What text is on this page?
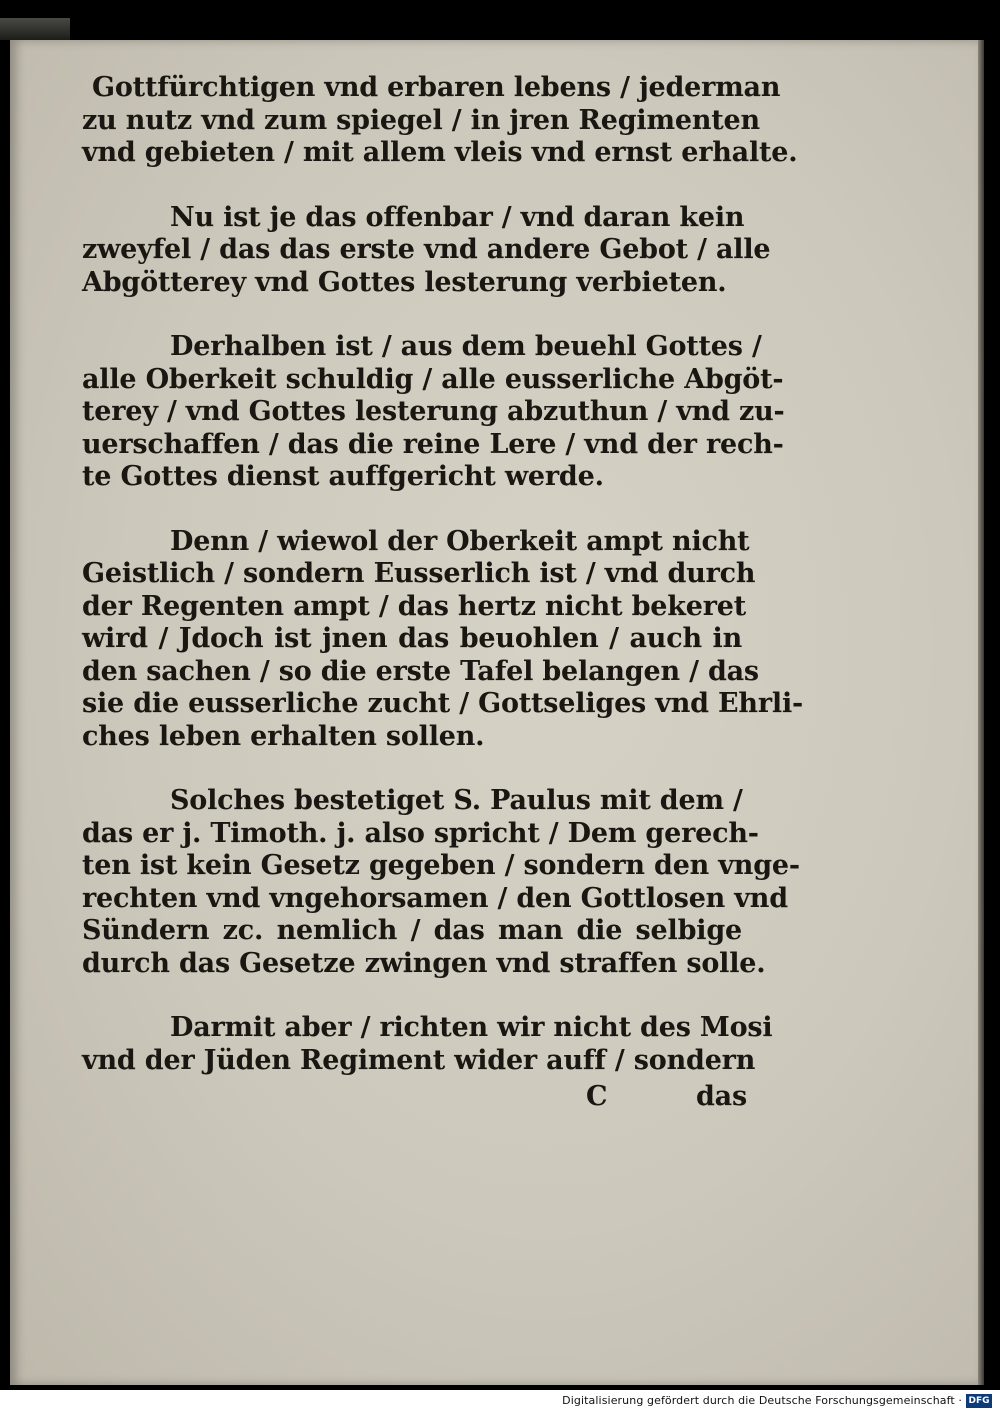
Gottfürchtigen vnd erbaren lebens / jederman
zu nutz vnd zum spiegel / in jren Regimenten
vnd gebieten / mit allem vleis vnd ernst erhalte.
Nu ist je das offenbar / vnd daran kein
zweyfel / das das erste vnd andere Gebot / alle
Abgötterey vnd Gottes lesterung verbieten.
Derhalben ist / aus dem beuehl Gottes /
alle Oberkeit schuldig / alle eusserliche Abgöt-
terey / vnd Gottes lesterung abzuthun / vnd zu-
uerschaffen / das die reine Lere / vnd der rech-
te Gottes dienst auffgericht werde.
Denn / wiewol der Oberkeit ampt nicht
Geistlich / sondern Eusserlich ist / vnd durch
der Regenten ampt / das hertz nicht bekeret
wird / Jdoch ist jnen das beuohlen / auch in
den sachen / so die erste Tafel belangen / das
sie die eusserliche zucht / Gottseliges vnd Ehrli-
ches leben erhalten sollen.
Solches bestetiget S. Paulus mit dem /
das er j. Timoth. j. also spricht / Dem gerech-
ten ist kein Gesetz gegeben / sondern den vnge-
rechten vnd vngehorsamen / den Gottlosen vnd
Sündern zc. nemlich / das man die selbige
durch das Gesetze zwingen vnd straffen solle.
Darmit aber / richten wir nicht des Mosi
vnd der Jüden Regiment wider auff / sondern
C	das
Digitalisierung gefördert durch die Deutsche Forschungsgemeinschaft · DFG
